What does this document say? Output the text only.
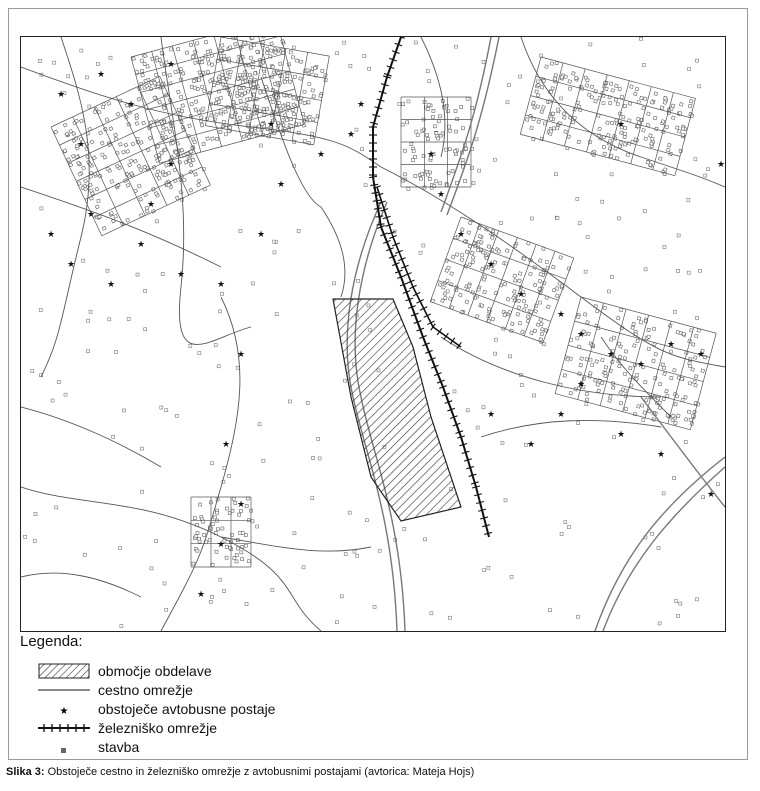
★
★
★
★
★
★
★
★
★
★
★
★
★
★
★
★
★
★
★
★
★
★
★
★
★
★
★
★
★
★
★
★
★
★
★
★
★
★
★
★
★
★
★
★
★
Legenda:
območje obdelave
cestno omrežje
★ obstoječe avtobusne postaje
železniško omrežje
stavba
Slika 3: Obstoječe cestno in železniško omrežje z avtobusnimi postajami (avtorica: Mateja Hojs)
